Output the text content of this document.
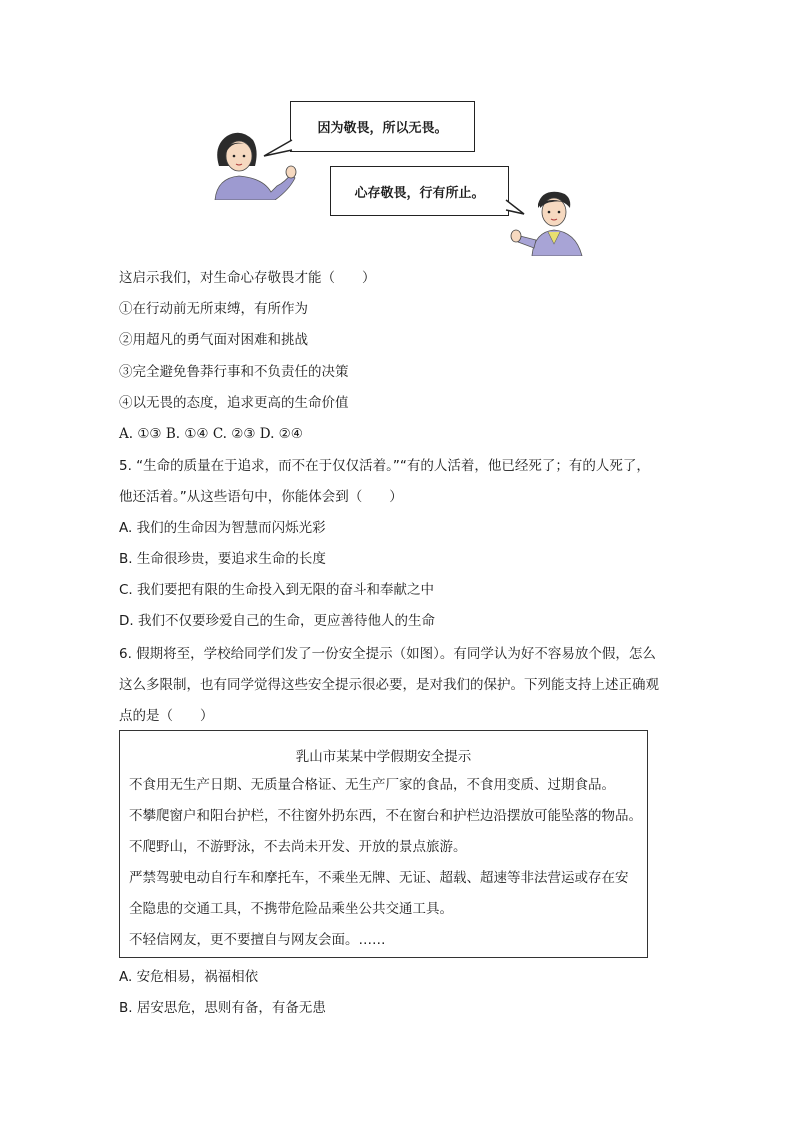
因为敬畏，所以无畏。
心存敬畏，行有所止。
这启示我们，对生命心存敬畏才能（　　）
①在行动前无所束缚，有所作为
②用超凡的勇气面对困难和挑战
③完全避免鲁莽行事和不负责任的决策
④以无畏的态度，追求更高的生命价值
A. ①③ B. ①④ C. ②③ D. ②④
5. “生命的质量在于追求，而不在于仅仅活着。”“有的人活着，他已经死了；有的人死了，
他还活着。”从这些语句中，你能体会到（　　）
A. 我们的生命因为智慧而闪烁光彩
B. 生命很珍贵，要追求生命的长度
C. 我们要把有限的生命投入到无限的奋斗和奉献之中
D. 我们不仅要珍爱自己的生命，更应善待他人的生命
6. 假期将至，学校给同学们发了一份安全提示（如图）。有同学认为好不容易放个假，怎么
这么多限制，也有同学觉得这些安全提示很必要，是对我们的保护。下列能支持上述正确观
点的是（　　）
乳山市某某中学假期安全提示
不食用无生产日期、无质量合格证、无生产厂家的食品，不食用变质、过期食品。
不攀爬窗户和阳台护栏，不往窗外扔东西，不在窗台和护栏边沿摆放可能坠落的物品。
不爬野山，不游野泳，不去尚未开发、开放的景点旅游。
严禁驾驶电动自行车和摩托车，不乘坐无牌、无证、超载、超速等非法营运或存在安
全隐患的交通工具，不携带危险品乘坐公共交通工具。
不轻信网友，更不要擅自与网友会面。……
A. 安危相易，祸福相依
B. 居安思危，思则有备，有备无患
